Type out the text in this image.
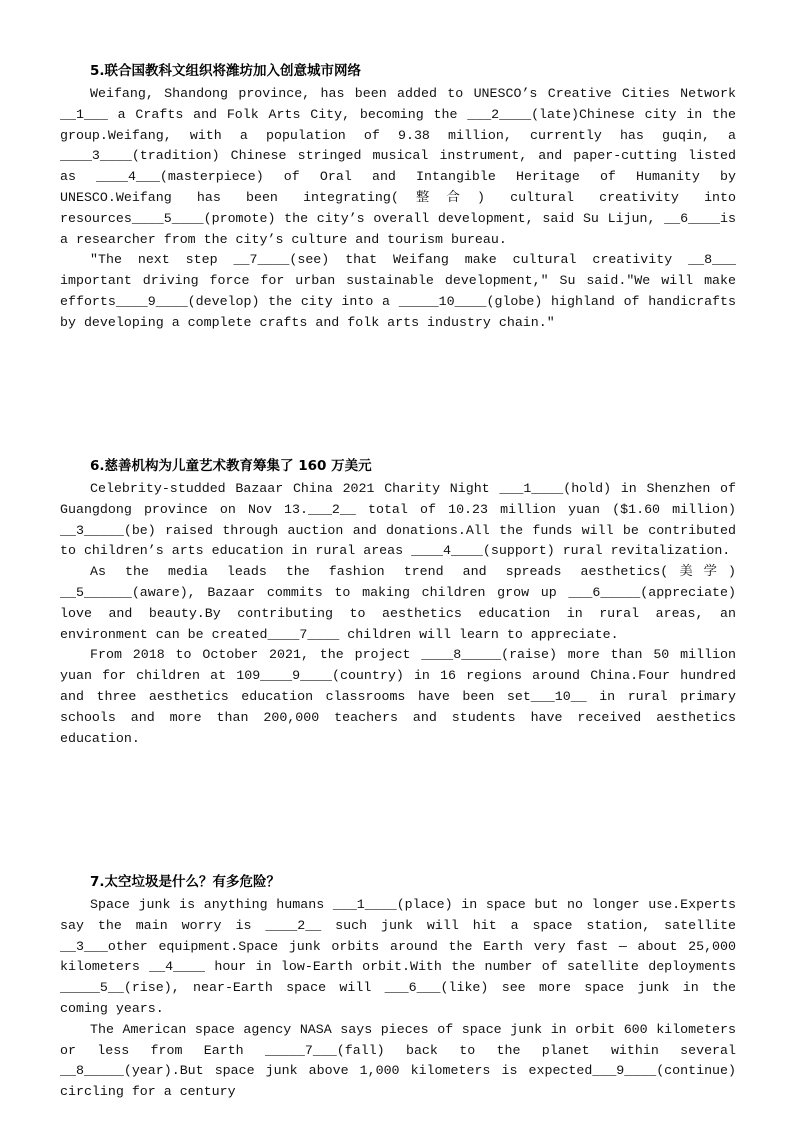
5.联合国教科文组织将潍坊加入创意城市网络

Weifang, Shandong province, has been added to UNESCO’s Creative Cities Network __1___ a Crafts and Folk Arts City, becoming the ___2____(late)Chinese city in the group.Weifang, with a population of 9.38 million, currently has guqin, a ____3____(tradition) Chinese stringed musical instrument, and paper-cutting listed as ____4___(masterpiece) of Oral and Intangible Heritage of Humanity by UNESCO.Weifang has been integrating(整合) cultural creativity into resources____5____(promote) the city’s overall development, said Su Lijun, __6____is a researcher from the city’s culture and tourism bureau.

"The next step __7____(see) that Weifang make cultural creativity __8___ important driving force for urban sustainable development," Su said."We will make efforts____9____(develop) the city into a _____10____(globe) highland of handicrafts by developing a complete crafts and folk arts industry chain."

6.慈善机构为儿童艺术教育筹集了 160 万美元

Celebrity-studded Bazaar China 2021 Charity Night ___1____(hold) in Shenzhen of Guangdong province on Nov 13.___2__ total of 10.23 million yuan ($1.60 million) __3_____(be) raised through auction and donations.All the funds will be contributed to children’s arts education in rural areas ____4____(support) rural revitalization.

As the media leads the fashion trend and spreads aesthetics(美学) __5______(aware), Bazaar commits to making children grow up ___6_____(appreciate) love and beauty.By contributing to aesthetics education in rural areas, an environment can be created____7____ children will learn to appreciate.

From 2018 to October 2021, the project ____8_____(raise) more than 50 million yuan for children at 109____9____(country) in 16 regions around China.Four hundred and three aesthetics education classrooms have been set___10__ in rural primary schools and more than 200,000 teachers and students have received aesthetics education.

7.太空垃圾是什么？有多危险？

Space junk is anything humans ___1____(place) in space but no longer use.Experts say the main worry is ____2__ such junk will hit a space station, satellite __3___other equipment.Space junk orbits around the Earth very fast — about 25,000 kilometers __4____ hour in low-Earth orbit.With the number of satellite deployments _____5__(rise), near-Earth space will ___6___(like) see more space junk in the coming years.

The American space agency NASA says pieces of space junk in orbit 600 kilometers or less from Earth _____7___(fall) back to the planet within several __8_____(year).But space junk above 1,000 kilometers is expected___9____(continue) circling for a century
